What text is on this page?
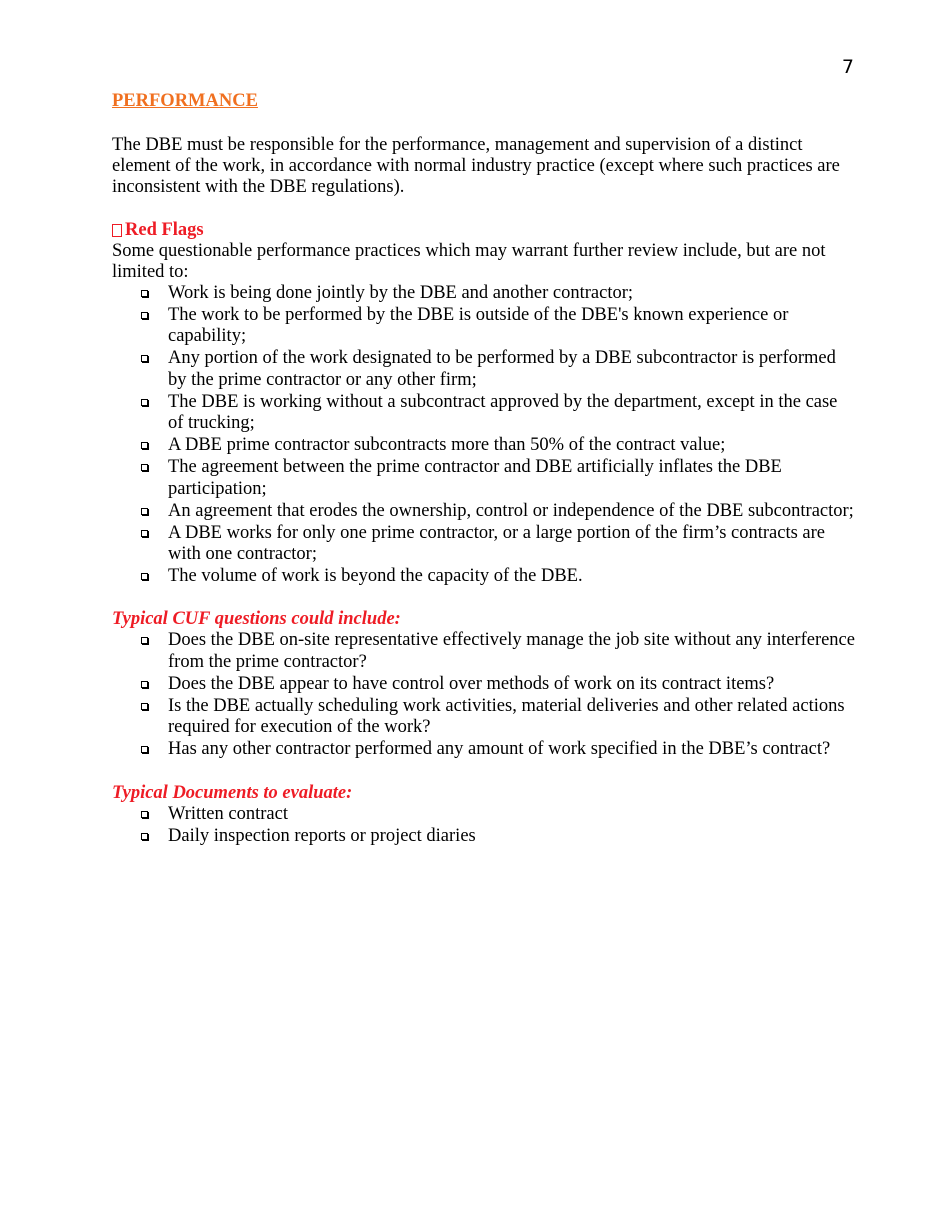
7
PERFORMANCE

The DBE must be responsible for the performance, management and supervision of a distinct element of the work, in accordance with normal industry practice (except where such practices are inconsistent with the DBE regulations).

Red Flags

Some questionable performance practices which may warrant further review include, but are not limited to:

Work is being done jointly by the DBE and another contractor;
The work to be performed by the DBE is outside of the DBE's known experience or capability;
Any portion of the work designated to be performed by a DBE subcontractor is performed by the prime contractor or any other firm;
The DBE is working without a subcontract approved by the department, except in the case of trucking;
A DBE prime contractor subcontracts more than 50% of the contract value;
The agreement between the prime contractor and DBE artificially inflates the DBE participation;
An agreement that erodes the ownership, control or independence of the DBE subcontractor;
A DBE works for only one prime contractor, or a large portion of the firm’s contracts are with one contractor;
The volume of work is beyond the capacity of the DBE.
Typical CUF questions could include:
Does the DBE on-site representative effectively manage the job site without any interference from the prime contractor?
Does the DBE appear to have control over methods of work on its contract items?
Is the DBE actually scheduling work activities, material deliveries and other related actions required for execution of the work?
Has any other contractor performed any amount of work specified in the DBE’s contract?
Typical Documents to evaluate:
Written contract
Daily inspection reports or project diaries
